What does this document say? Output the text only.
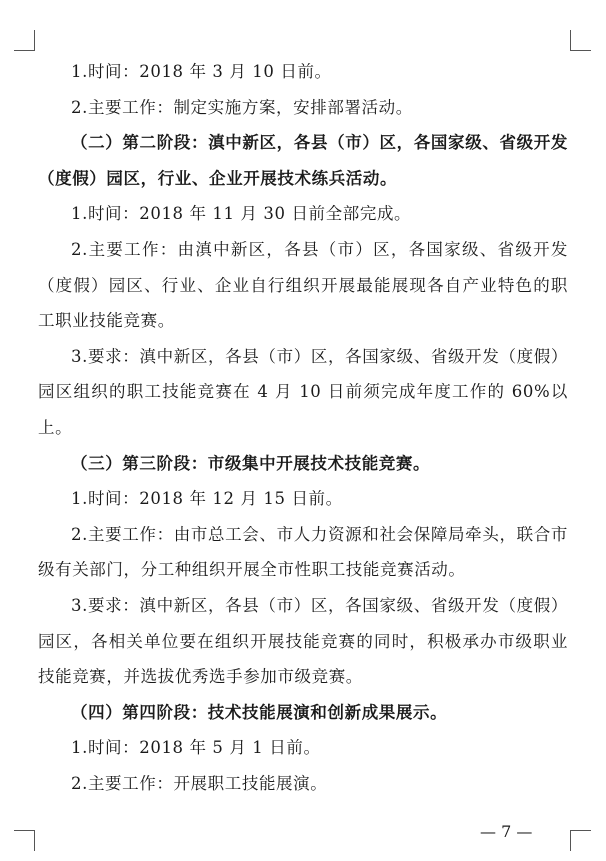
1.时间：2018 年 3 月 10 日前。

2.主要工作：制定实施方案，安排部署活动。

（二）第二阶段：滇中新区，各县（市）区，各国家级、省级开发（度假）园区，行业、企业开展技术练兵活动。

1.时间：2018 年 11 月 30 日前全部完成。

2.主要工作：由滇中新区，各县（市）区，各国家级、省级开发（度假）园区、行业、企业自行组织开展最能展现各自产业特色的职工职业技能竞赛。

3.要求：滇中新区，各县（市）区，各国家级、省级开发（度假）园区组织的职工技能竞赛在 4 月 10 日前须完成年度工作的 60%以上。

（三）第三阶段：市级集中开展技术技能竞赛。

1.时间：2018 年 12 月 15 日前。

2.主要工作：由市总工会、市人力资源和社会保障局牵头，联合市级有关部门，分工种组织开展全市性职工技能竞赛活动。

3.要求：滇中新区，各县（市）区，各国家级、省级开发（度假）园区，各相关单位要在组织开展技能竞赛的同时，积极承办市级职业技能竞赛，并选拔优秀选手参加市级竞赛。

（四）第四阶段：技术技能展演和创新成果展示。

1.时间：2018 年 5 月 1 日前。

2.主要工作：开展职工技能展演。

— 7 —
